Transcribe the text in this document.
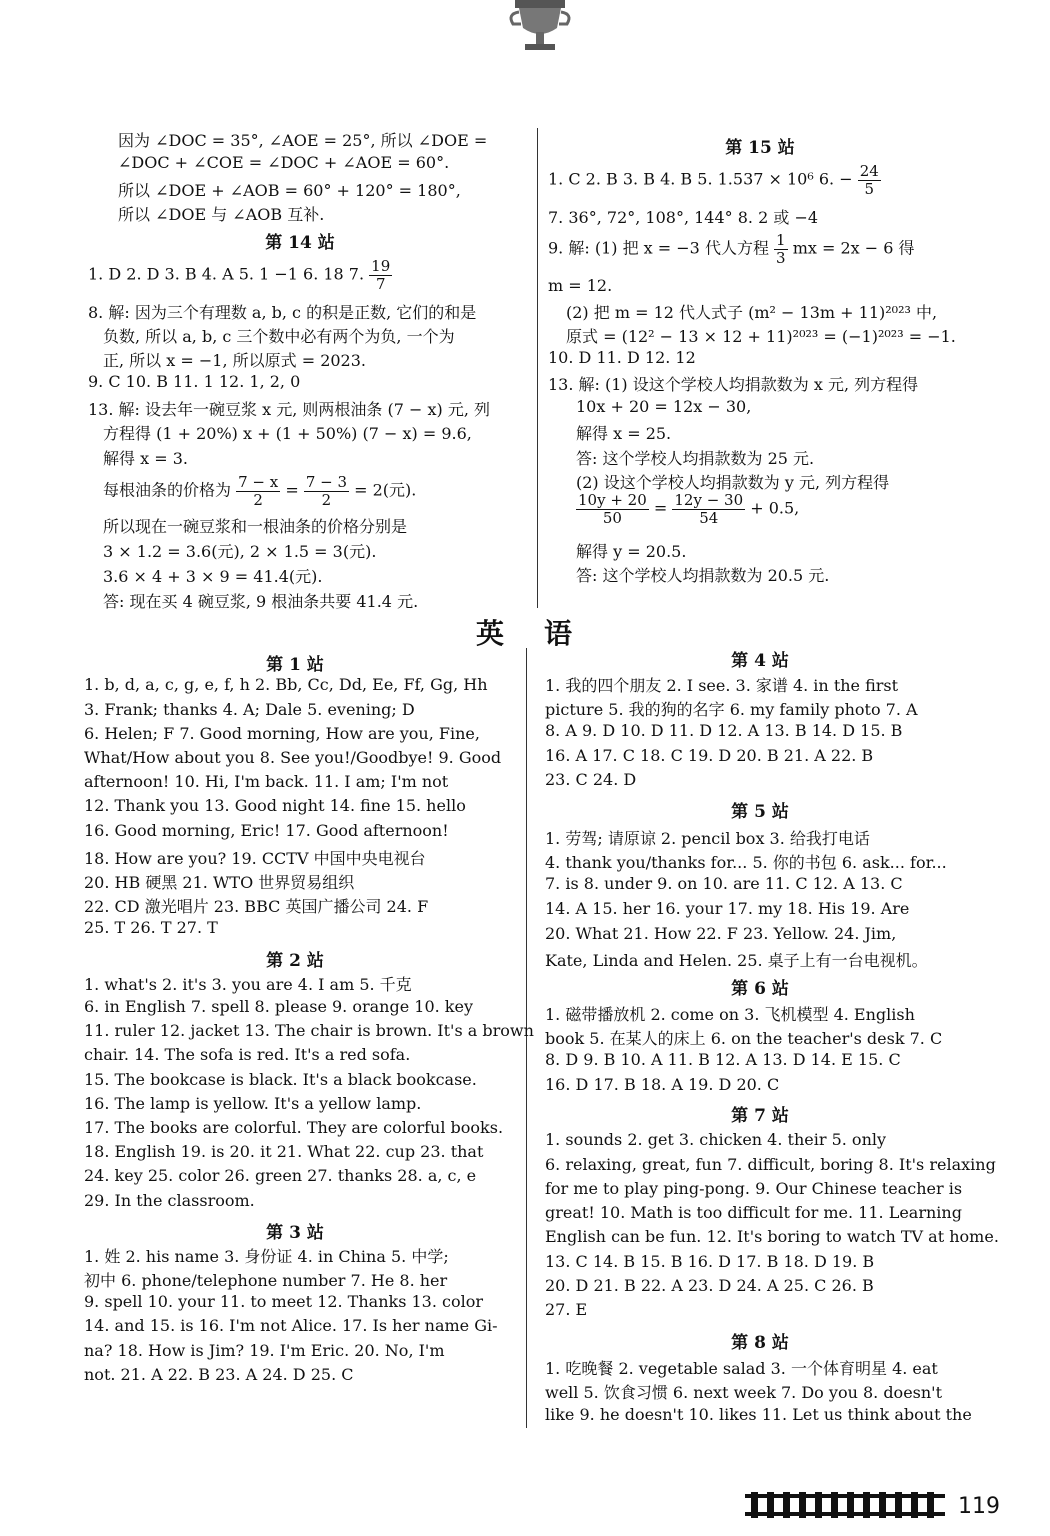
因为 ∠DOC = 35°, ∠AOE = 25°, 所以 ∠DOE =
∠DOC + ∠COE = ∠DOC + ∠AOE = 60°.
所以 ∠DOE + ∠AOB = 60° + 120° = 180°,
所以 ∠DOE 与 ∠AOB 互补.
第 14 站
1. D 2. D 3. B 4. A 5. 1 −1 6. 18 7. $\frac{19}{7}$
8. 解: 因为三个有理数 a, b, c 的积是正数, 它们的和是
负数, 所以 a, b, c 三个数中必有两个为负, 一个为
正, 所以 x = −1, 所以原式 = 2023.
9. C 10. B 11. 1 12. 1, 2, 0
13. 解: 设去年一碗豆浆 x 元, 则两根油条 (7 − x) 元, 列
方程得 (1 + 20%) x + (1 + 50%) (7 − x) = 9.6,
解得 x = 3.
每根油条的价格为 $\frac{7 - x}{2} = \frac{7 - 3}{2} = 2$(元).
所以现在一碗豆浆和一根油条的价格分别是
3 × 1.2 = 3.6(元), 2 × 1.5 = 3(元).
3.6 × 4 + 3 × 9 = 41.4(元).
答: 现在买 4 碗豆浆, 9 根油条共要 41.4 元.
第 15 站
1. C 2. B 3. B 4. B 5. 1.537 × 10⁶ 6. − $\frac{24}{5}$
7. 36°, 72°, 108°, 144° 8. 2 或 −4
9. 解: (1) 把 x = −3 代人方程 $\frac{1}{3}$ mx = 2x − 6 得
m = 12.
(2) 把 m = 12 代人式子 (m² − 13m + 11)²⁰²³ 中,
原式 = (12² − 13 × 12 + 11)²⁰²³ = (−1)²⁰²³ = −1.
10. D 11. D 12. 12
13. 解: (1) 设这个学校人均捐款数为 x 元, 列方程得
10x + 20 = 12x − 30,
解得 x = 25.
答: 这个学校人均捐款数为 25 元.
(2) 设这个学校人均捐款数为 y 元, 列方程得
$\frac{10y + 20}{50} = \frac{12y - 30}{54} + 0.5$,
解得 y = 20.5.
答: 这个学校人均捐款数为 20.5 元.
英语
第 1 站
1. b, d, a, c, g, e, f, h 2. Bb, Cc, Dd, Ee, Ff, Gg, Hh
3. Frank; thanks 4. A; Dale 5. evening; D
6. Helen; F 7. Good morning, How are you, Fine,
What/How about you 8. See you!/Goodbye! 9. Good
afternoon! 10. Hi, I'm back. 11. I am; I'm not
12. Thank you 13. Good night 14. fine 15. hello
16. Good morning, Eric! 17. Good afternoon!
18. How are you? 19. CCTV 中国中央电视台
20. HB 硬黑 21. WTO 世界贸易组织
22. CD 激光唱片 23. BBC 英国广播公司 24. F
25. T 26. T 27. T
第 2 站
1. what's 2. it's 3. you are 4. I am 5. 千克
6. in English 7. spell 8. please 9. orange 10. key
11. ruler 12. jacket 13. The chair is brown. It's a brown
chair. 14. The sofa is red. It's a red sofa.
15. The bookcase is black. It's a black bookcase.
16. The lamp is yellow. It's a yellow lamp.
17. The books are colorful. They are colorful books.
18. English 19. is 20. it 21. What 22. cup 23. that
24. key 25. color 26. green 27. thanks 28. a, c, e
29. In the classroom.
第 3 站
1. 姓 2. his name 3. 身份证 4. in China 5. 中学;
初中 6. phone/telephone number 7. He 8. her
9. spell 10. your 11. to meet 12. Thanks 13. color
14. and 15. is 16. I'm not Alice. 17. Is her name Gi-
na? 18. How is Jim? 19. I'm Eric. 20. No, I'm
not. 21. A 22. B 23. A 24. D 25. C
第 4 站
1. 我的四个朋友 2. I see. 3. 家谱 4. in the first
picture 5. 我的狗的名字 6. my family photo 7. A
8. A 9. D 10. D 11. D 12. A 13. B 14. D 15. B
16. A 17. C 18. C 19. D 20. B 21. A 22. B
23. C 24. D
第 5 站
1. 劳驾; 请原谅 2. pencil box 3. 给我打电话
4. thank you/thanks for... 5. 你的书包 6. ask... for...
7. is 8. under 9. on 10. are 11. C 12. A 13. C
14. A 15. her 16. your 17. my 18. His 19. Are
20. What 21. How 22. F 23. Yellow. 24. Jim,
Kate, Linda and Helen. 25. 桌子上有一台电视机。
第 6 站
1. 磁带播放机 2. come on 3. 飞机模型 4. English
book 5. 在某人的床上 6. on the teacher's desk 7. C
8. D 9. B 10. A 11. B 12. A 13. D 14. E 15. C
16. D 17. B 18. A 19. D 20. C
第 7 站
1. sounds 2. get 3. chicken 4. their 5. only
6. relaxing, great, fun 7. difficult, boring 8. It's relaxing
for me to play ping-pong. 9. Our Chinese teacher is
great! 10. Math is too difficult for me. 11. Learning
English can be fun. 12. It's boring to watch TV at home.
13. C 14. B 15. B 16. D 17. B 18. D 19. B
20. D 21. B 22. A 23. D 24. A 25. C 26. B
27. E
第 8 站
1. 吃晚餐 2. vegetable salad 3. 一个体育明星 4. eat
well 5. 饮食习惯 6. next week 7. Do you 8. doesn't
like 9. he doesn't 10. likes 11. Let us think about the
119
